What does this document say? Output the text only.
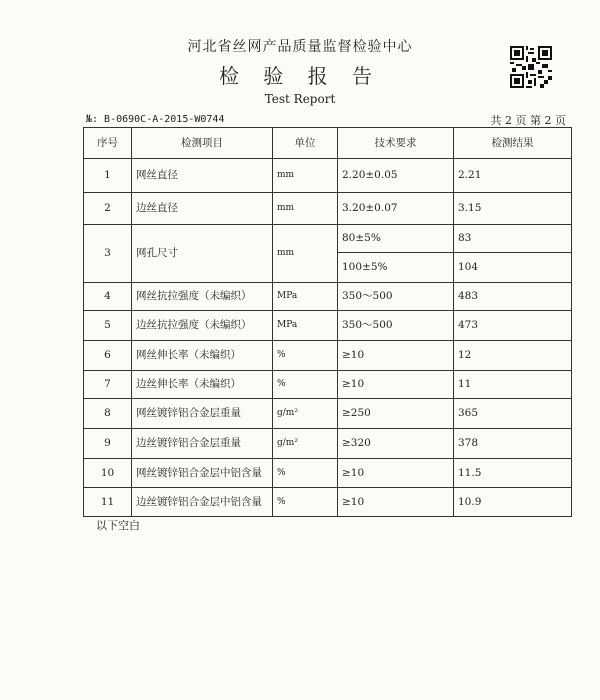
河北省丝网产品质量监督检验中心
检 验 报 告
Test Report
№: B-0690C-A-2015-W0744	共 2 页 第 2 页
序号	检测项目	单位	技术要求	检测结果
1	网丝直径	mm	2.20±0.05	2.21
2	边丝直径	mm	3.20±0.07	3.15
3	网孔尺寸	mm	80±5%	83
			100±5%	104
4	网丝抗拉强度（未编织）	MPa	350～500	483
5	边丝抗拉强度（未编织）	MPa	350～500	473
6	网丝伸长率（未编织）	%	≥10	12
7	边丝伸长率（未编织）	%	≥10	11
8	网丝镀锌铝合金层重量	g/m²	≥250	365
9	边丝镀锌铝合金层重量	g/m²	≥320	378
10	网丝镀锌铝合金层中铝含量	%	≥10	11.5
11	边丝镀锌铝合金层中铝含量	%	≥10	10.9
以下空白
